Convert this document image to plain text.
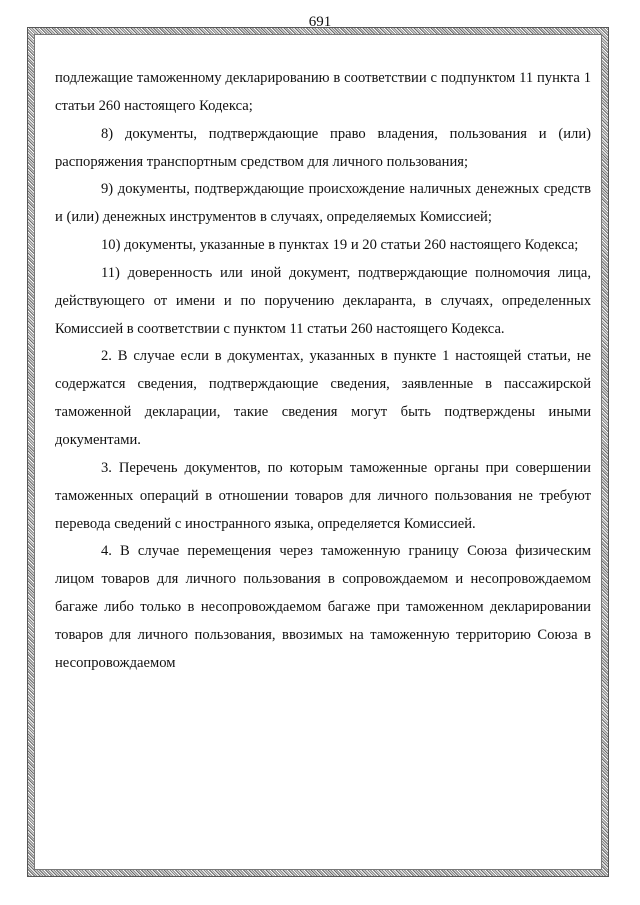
691

подлежащие таможенному декларированию в соответствии с подпунктом 11 пункта 1 статьи 260 настоящего Кодекса;

8) документы, подтверждающие право владения, пользования и (или) распоряжения транспортным средством для личного пользования;

9) документы, подтверждающие происхождение наличных денежных средств и (или) денежных инструментов в случаях, определяемых Комиссией;

10) документы, указанные в пунктах 19 и 20 статьи 260 настоящего Кодекса;

11) доверенность или иной документ, подтверждающие полномочия лица, действующего от имени и по поручению декларанта, в случаях, определенных Комиссией в соответствии с пунктом 11 статьи 260 настоящего Кодекса.

2. В случае если в документах, указанных в пункте 1 настоящей статьи, не содержатся сведения, подтверждающие сведения, заявленные в пассажирской таможенной декларации, такие сведения могут быть подтверждены иными документами.

3. Перечень документов, по которым таможенные органы при совершении таможенных операций в отношении товаров для личного пользования не требуют перевода сведений с иностранного языка, определяется Комиссией.

4. В случае перемещения через таможенную границу Союза физическим лицом товаров для личного пользования в сопровождаемом и несопровождаемом багаже либо только в несопровождаемом багаже при таможенном декларировании товаров для личного пользования, ввозимых на таможенную территорию Союза в несопровождаемом
